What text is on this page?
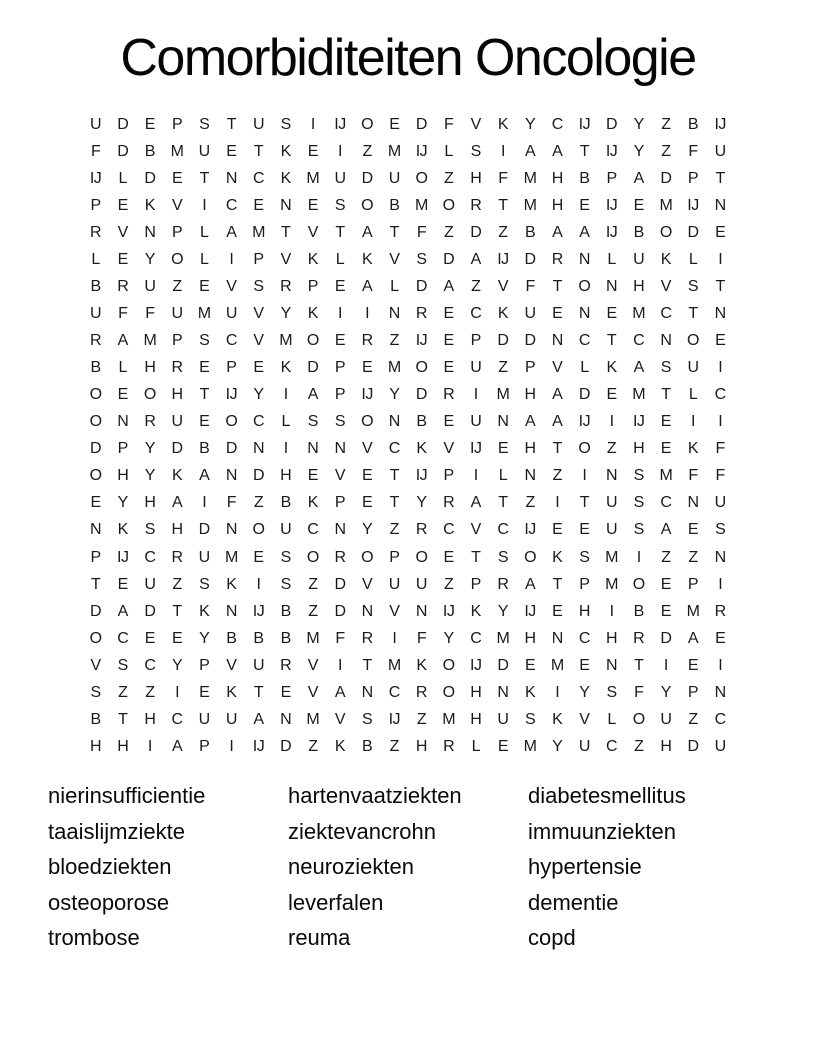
Comorbiditeiten Oncologie
U	D	E	P	S	T	U	S	I	IJ O	E	D	F	V	K	Y	C IJ D	Y	Z	B	IJ
F	D	B M U	E	T	K	E	I	Z	M IJ	L	S	I	A	A	T	IJ	Y	Z	F	U
IJ	L	D	E	T	N	C	K M U	D	U O	Z	H	F	M H	B	P	A	D	P	T
P	E	K	V	I	C	E	N	E	S	O	B M O R	T	M H	E	IJ	E M IJ N
R	V	N	P	L	A M	T	V	T	A	T	F	Z	D	Z	B	A	A	IJ	B	O D	E
L	E	Y	O	L	I	P	V	K	L	K	V	S	D	A	IJ D	R	N	L	U	K	L	I
B	R	U	Z	E	V	S	R	P	E	A	L	D	A	Z	V	F	T	O N	H	V	S	T
U	F	F	U M U	V	Y	K	I	I	N	R	E	C	K	U	E	N	E M C	T	N
R	A M P	S	C	V M O	E	R	Z	IJ	E	P	D	D	N	C	T	C	N O	E
B	L	H	R	E	P	E	K	D	P	E M O	E	U	Z	P	V	L	K	A	S	U	I
O	E	O H	T	IJ	Y	I	A	P	IJ	Y	D	R	I	M H	A	D	E M	T	L	C
O N	R	U	E	O C	L	S	S	O N	B	E	U	N	A	A	IJ	I	IJ	E	I	I
D	P	Y	D	B	D	N	I	N	N	V	C	K	V	IJ	E	H	T	O	Z	H	E	K	F
O H	Y	K	A	N	D	H	E	V	E	T	IJ	P	I	L	N	Z	I	N	S M	F	F
E	Y	H	A	I	F	Z	B	K	P	E	T	Y	R	A	T	Z	I	T	U	S	C	N	U
N	K	S	H	D	N O U	C	N	Y	Z	R	C	V	C IJ	E	E	U	S	A	E	S
P	IJ C	R	U M E	S	O R O	P	O	E	T	S	O	K	S M	I	Z	Z	N
T	E	U	Z	S	K	I	S	Z	D	V	U	U	Z	P	R	A	T	P M O	E	P	I
D	A	D	T	K	N IJ	B	Z	D	N	V	N IJ	K	Y	IJ	E	H	I	B	E M R
O C	E	E	Y	B	B	B M	F	R	I	F	Y	C M H	N	C	H	R	D	A	E
V	S	C	Y	P	V	U	R	V	I	T	M K	O IJ D	E M E	N	T	I	E	I
S	Z	Z	I	E	K	T	E	V	A	N	C	R O H	N	K	I	Y	S	F	Y	P	N
B	T	H	C	U	U	A	N M V	S	IJ	Z	M H	U	S	K	V	L	O U	Z	C
H	H	I	A	P	I	IJ D	Z	K	B	Z	H	R	L	E M Y	U	C	Z	H	D	U
nierinsufficientie
taaislijmziekte
bloedziekten
osteoporose
trombose
hartenvaatziekten
ziektevancrohn
neuroziekten
leverfalen
reuma
diabetesmellitus
immuunziekten
hypertensie
dementie
copd
